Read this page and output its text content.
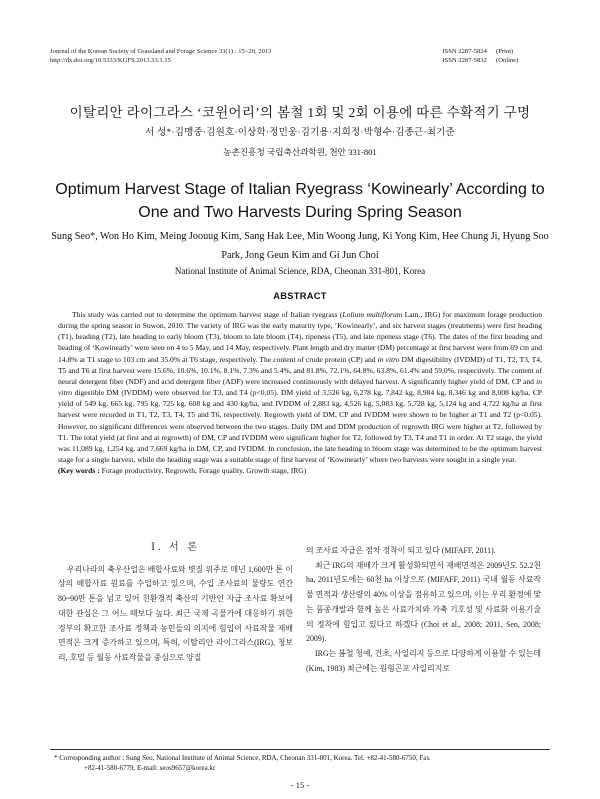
Journal of the Korean Society of Grassland and Forage Science 33(1) : 15~20, 2013
http://dx.doi.org/10.5333/KGFS.2013.33.1.15
ISSN 2287-5824 (Print)
ISSN 2287-5832 (Online)
이탈리안 라이그라스 ‘코윈어리’의 봄철 1회 및 2회 이용에 따른 수확적기 구명
서 성*·김맹중·김원호·이상학·정민웅·김기용·지희정·박형수·김종근·최기준
농촌진흥청 국립축산과학원, 천안 331-801
Optimum Harvest Stage of Italian Ryegrass ‘Kowinearly’ According to One and Two Harvests During Spring Season
Sung Seo*, Won Ho Kim, Meing Joouug Kim, Sang Hak Lee, Min Woong Jung, Ki Yong Kim, Hee Chung Ji, Hyung Soo Park, Jong Geun Kim and Gi Jun Choi
National Institute of Animal Science, RDA, Cheonan 331-801, Korea
ABSTRACT

This study was carried out to determine the optimum harvest stage of Italian ryegrass (Lolium multiflorum Lam., IRG) for maximum forage production during the spring season in Suwon, 2010. The variety of IRG was the early maturity type, ‘Kowinearly’, and six harvest stages (treatments) were first heading (T1), heading (T2), late heading to early bloom (T3), bloom to late bloom (T4), ripeness (T5), and late ripeness stage (T6). The dates of the first heading and heading of ‘Kowinearly’ were seen on 4 to 5 May, and 14 May, respectively. Plant length and dry matter (DM) percentage at first harvest were from 69 cm and 14.8% at T1 stage to 103 cm and 35.0% at T6 stage, respectively. The content of crude protein (CP) and in vitro DM digestibility (IVDMD) of T1, T2, T3, T4, T5 and T6 at first harvest were 15.6%, 10.6%, 10.1%, 8.1%, 7.3% and 5.4%, and 81.8%, 72.1%, 64.8%, 63.8%, 61.4% and 59.0%, respectively. The content of neural detergent fiber (NDF) and acid detergent fiber (ADF) were increased continuously with delayed harvest. A significantly higher yield of DM, CP and in vitro digestible DM (IVDDM) were observed for T3, and T4 (p<0.05). DM yield of 3,526 kg, 6,278 kg, 7,842 kg, 8,984 kg, 8,346 kg and 8,008 kg/ha, CP yield of 549 kg, 665 kg, 795 kg, 725 kg, 608 kg and 430 kg/ha, and IVDDM of 2,883 kg, 4,526 kg, 5,083 kg, 5,728 kg, 5,124 kg and 4,722 kg/ha at first harvest were recorded in T1, T2, T3, T4, T5 and T6, respectively. Regrowth yield of DM, CP and IVDDM were shown to be higher at T1 and T2 (p<0.05). However, no significant differences were observed between the two stages. Daily DM and DDM production of regrowth IRG were higher at T2, followed by T1. The total yield (at first and at regrowth) of DM, CP and IVDDM were significant higher for T2, followed by T3, T4 and T1 in order. At T2 stage, the yield was 11,089 kg, 1,254 kg, and 7,669 kg/ha in DM, CP, and IVDDM. In conclusion, the late heading to bloom stage was determined to be the optimum harvest stage for a single harvest, while the heading stage was a suitable stage of first harvest of ‘Kowinearly’ where two harvests were sought in a single year.

(Key words : Forage productivity, Regrowth, Forage quality, Growth stage, IRG)
Ⅰ. 서 론

우리나라의 축우산업은 배합사료와 볏짚 위주로 매년 1,600만 톤 이상의 배합사료 원료를 수입하고 있으며, 수입 조사료의 물량도 연간 80~90만 톤을 넘고 있어 친환경적 축산의 기반인 자급 조사료 확보에 대한 관심은 그 어느 때보다 높다. 최근 국제 곡물가에 대응하기 위한 정부의 확고한 조사료 정책과 농민들의 의지에 힘입어 사료작물 재배면적은 크게 증가하고 있으며, 특히, 이탈리안 라이그라스(IRG), 청보리, 호밀 등 월동 사료작물을 중심으로 양질

의 조사료 자급은 점차 정착이 되고 있다 (MIFAFF, 2011).

최근 IRG의 재배가 크게 활성화되면서 재배면적은 2009년도 52.2천 ha, 2011년도에는 60천 ha 이상으로 (MIFAFF, 2011) 국내 월동 사료작물 면적과 생산량의 40% 이상을 점유하고 있으며, 이는 우리 환경에 맞는 품종개발과 함께 높은 사료가치와 가축 기호성 및 사료화 이용기술의 정착에 힘입고 있다고 하겠다 (Choi et al., 2008; 2011, Seo, 2008; 2009).

IRG는 봄철 청예, 건초, 사일리지 등으로 다양하게 이용할 수 있는데 (Kim, 1983) 최근에는 원형곤포 사일리지로

* Corresponding author : Sung Seo, National Institute of Animal Science, RDA, Cheonan 331-801, Korea. Tel. +82-41-580-6750, Fax
+82-41-580-6779, E-mail: seos9657@korea.kr
- 15 -
